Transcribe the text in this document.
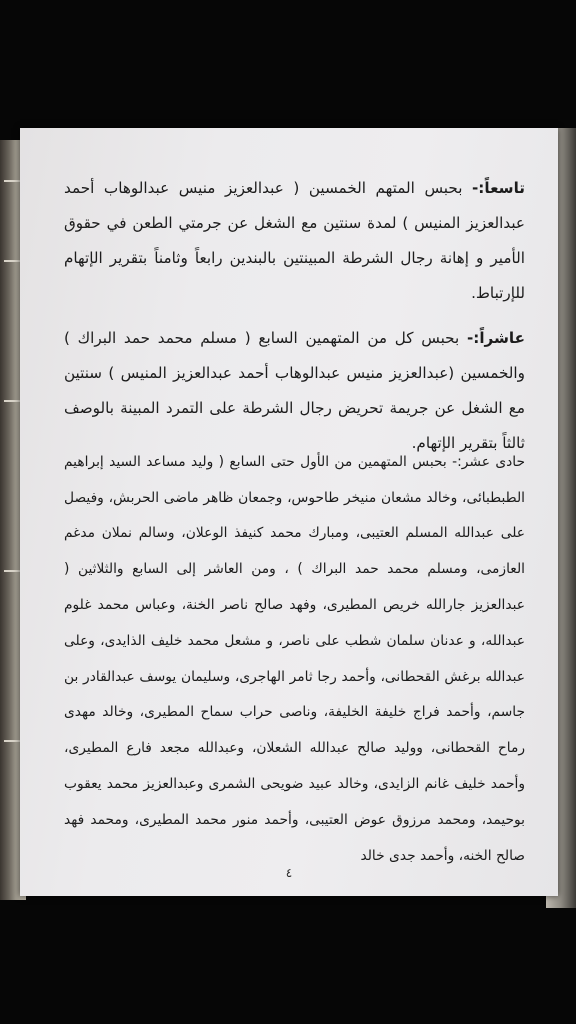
تاسعاً:- بحبس المتهم الخمسين ( عبدالعزيز منيس عبدالوهاب أحمد عبدالعزيز المنيس ) لمدة سنتين مع الشغل عن جرمتي الطعن في حقوق الأمير و إهانة رجال الشرطة المبينتين بالبندين رابعاً وثامناً بتقرير الإتهام للإرتباط.

عاشراً:- بحبس كل من المتهمين السابع ( مسلم محمد حمد البراك ) والخمسين (عبدالعزيز منيس عبدالوهاب أحمد عبدالعزيز المنيس ) سنتين مع الشغل عن جريمة تحريض رجال الشرطة على التمرد المبينة بالوصف ثالثاً بتقرير الإتهام.

حادى عشر:- بحبس المتهمين من الأول حتى السابع ( وليد مساعد السيد إبراهيم الطبطبائى، وخالد مشعان منيخر طاحوس، وجمعان ظاهر ماضى الحربش، وفيصل على عبدالله المسلم العتيبى، ومبارك محمد كنيفذ الوعلان، وسالم نملان مدغم العازمى، ومسلم محمد حمد البراك ) ، ومن العاشر إلى السابع والثلاثين ( عبدالعزيز جارالله خريص المطيرى، وفهد صالح ناصر الخنة، وعباس محمد غلوم عبدالله، و عدنان سلمان شطب على ناصر، و مشعل محمد خليف الذايدى، وعلى عبدالله برغش القحطانى، وأحمد رجا ثامر الهاجرى، وسليمان يوسف عبدالقادر بن جاسم، وأحمد فراج خليفة الخليفة، وناصى حراب سماح المطيرى، وخالد مهدى رماح القحطانى، ووليد صالح عبدالله الشعلان، وعبدالله مجعد فارع المطيرى، وأحمد خليف غانم الزايدى، وخالد عبيد ضويحى الشمرى وعبدالعزيز محمد يعقوب بوحيمد، ومحمد مرزوق عوض العتيبى، وأحمد منور محمد المطيرى، ومحمد فهد صالح الخنه، وأحمد جدى خالد

٤
